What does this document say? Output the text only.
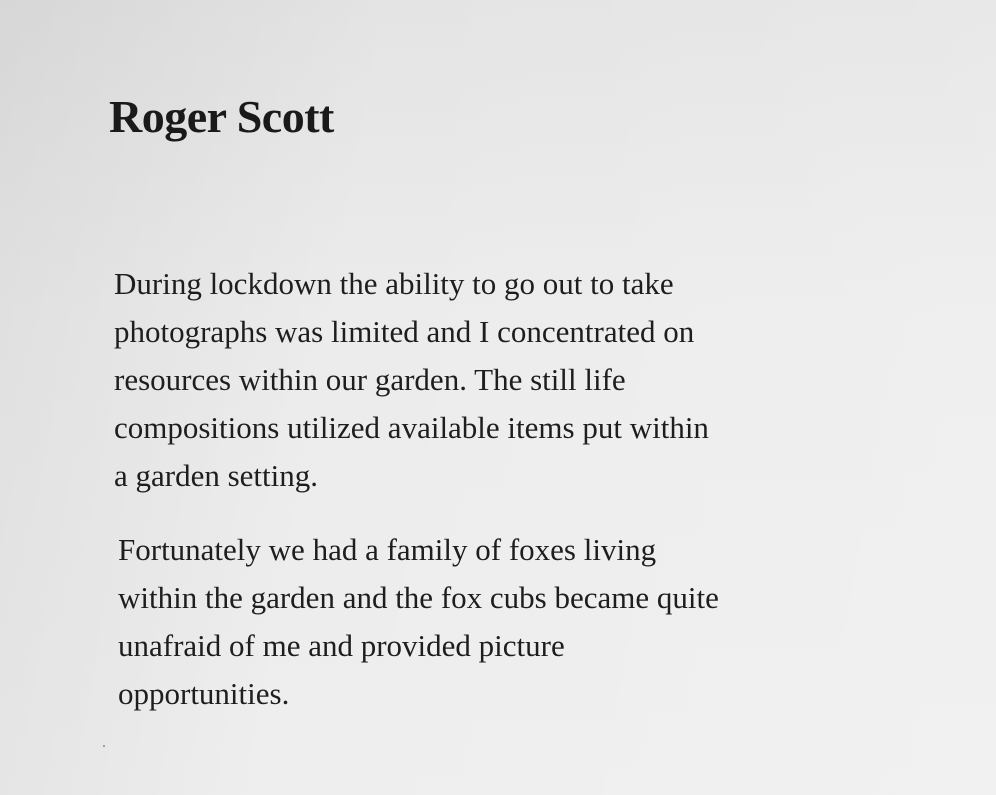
Roger Scott

During lockdown the ability to go out to take
photographs was limited and I concentrated on
resources within our garden. The still life
compositions utilized available items put within
a garden setting.

Fortunately we had a family of foxes living
within the garden and the fox cubs became quite
unafraid of me and provided picture
opportunities.
